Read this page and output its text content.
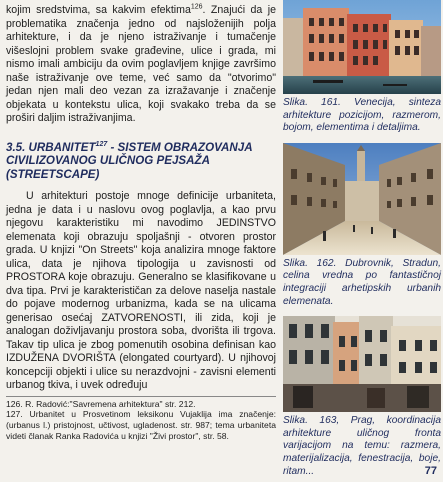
kojim sredstvima, sa kakvim efektima$^{126}$. Znajući da je problematika značenja jedno od najsloženijih polja arhitekture, i da je njeno istraživanje i tumačenje višeslojni problem svake građevine, ulice i grada, mi nismo imali ambiciju da ovim poglavljem knjige završimo naše istraživanje ove teme, već samo da "otvorimo" jedan njen mali deo vezan za izražavanje i značenje objekata u kontekstu ulica, koji svakako treba da se proširi daljim istraživanjima.

3.5. URBANITET$^{127}$ - SISTEM OBRAZOVANJA
CIVILIZOVANOG ULIČNOG PEJSAŽA
(STREETSCAPE)

U arhitekturi postoje mnoge definicije urbaniteta, jedna je data i u naslovu ovog poglavlja, a kao prvu njegovu karakteristiku mi navodimo JEDINSTVO elemenata koji obrazuju spoljašnji - otvoren prostor grada. U knjizi "On Streets" koja analizira mnoge faktore ulica, data je njihova tipologija u zavisnosti od PROSTORA koje obrazuju. Generalno se klasifikovane u dva tipa. Prvi je karakterističan za delove naselja nastale do pojave modernog urbanizma, kada se na ulicama generisao osećaj ZATVORENOSTI, ili zida, koji je analogan doživljavanju prostora soba, dvorišta ili trgova. Takav tip ulica je zbog pomenutih osobina definisan kao IZDUŽENA DVORIŠTA (elongated courtyard). U njihovoj koncepciji objekti i ulice su nerazdvojni - zavisni elementi urbanog tkiva, i uvek određuju

126. R. Radović:"Savremena arhitektura" str. 212.

127. Urbanitet u Prosvetinom leksikonu Vujaklija ima značenje: (urbanus l.) pristojnost, učtivost, ugladenost. str. 987; tema urbaniteta videti članak Ranka Radovića u knjizi "Živi prostor", str. 58.

Slika. 161. Venecija, sinteza arhitekture pozicijom, razmerom, bojom, elementima i detaljima.

Slika. 162. Dubrovnik, Stradun, celina vredna po fantastičnoj integraciji arhetipskih urbanih elemenata.

Slika. 163, Prag, koordinacija arhitekture uličnog fronta varijacijom na temu: razmera, materijalizacija, fenestracija, boje, ritam...	77
